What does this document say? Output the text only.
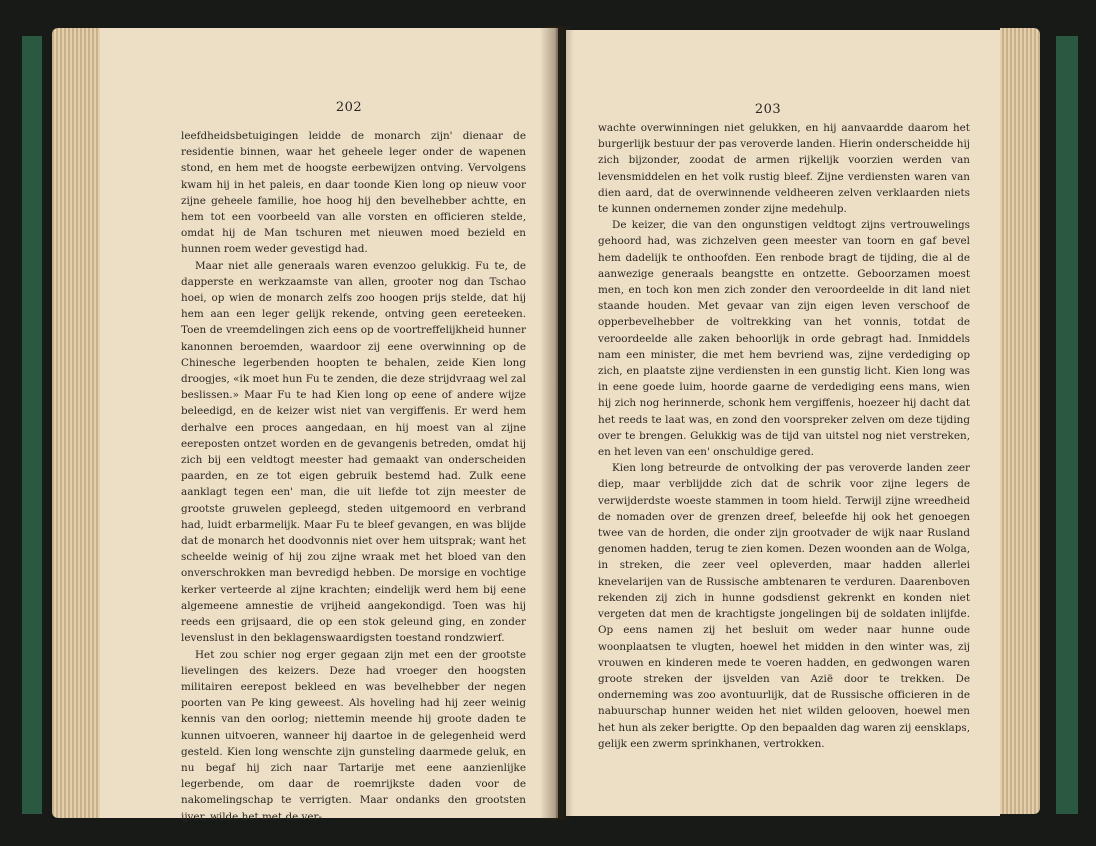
202

leefdheidsbetuigingen leidde de monarch zijn' dienaar de residentie binnen, waar het geheele leger onder de wapenen stond, en hem met de hoogste eerbewijzen ontving. Vervolgens kwam hij in het paleis, en daar toonde Kien long op nieuw voor zijne geheele familie, hoe hoog hij den bevelhebber achtte, en hem tot een voorbeeld van alle vorsten en officieren stelde, omdat hij de Man tschuren met nieuwen moed bezield en hunnen roem weder gevestigd had.

Maar niet alle generaals waren evenzoo gelukkig. Fu te, de dapperste en werkzaamste van allen, grooter nog dan Tschao hoei, op wien de monarch zelfs zoo hoogen prijs stelde, dat hij hem aan een leger gelijk rekende, ontving geen eereteeken. Toen de vreemdelingen zich eens op de voortreffelijkheid hunner kanonnen beroemden, waardoor zij eene overwinning op de Chinesche legerbenden hoopten te behalen, zeide Kien long droogjes, «ik moet hun Fu te zenden, die deze strijdvraag wel zal beslissen.» Maar Fu te had Kien long op eene of andere wijze beleedigd, en de keizer wist niet van vergiffenis. Er werd hem derhalve een proces aangedaan, en hij moest van al zijne eereposten ontzet worden en de gevangenis betreden, omdat hij zich bij een veldtogt meester had gemaakt van onderscheiden paarden, en ze tot eigen gebruik bestemd had. Zulk eene aanklagt tegen een' man, die uit liefde tot zijn meester de grootste gruwelen gepleegd, steden uitgemoord en verbrand had, luidt erbarmelijk. Maar Fu te bleef gevangen, en was blijde dat de monarch het doodvonnis niet over hem uitsprak; want het scheelde weinig of hij zou zijne wraak met het bloed van den onverschrokken man bevredigd hebben. De morsige en vochtige kerker verteerde al zijne krachten; eindelijk werd hem bij eene algemeene amnestie de vrijheid aangekondigd. Toen was hij reeds een grijsaard, die op een stok geleund ging, en zonder levenslust in den beklagenswaardigsten toestand rondzwierf.

Het zou schier nog erger gegaan zijn met een der grootste lievelingen des keizers. Deze had vroeger den hoogsten militairen eerepost bekleed en was bevelhebber der negen poorten van Pe king geweest. Als hoveling had hij zeer weinig kennis van den oorlog; niettemin meende hij groote daden te kunnen uitvoeren, wanneer hij daartoe in de gelegenheid werd gesteld. Kien long wenschte zijn gunsteling daarmede geluk, en nu begaf hij zich naar Tartarije met eene aanzienlijke legerbende, om daar de roemrijkste daden voor de nakomelingschap te verrigten. Maar ondanks den grootsten ijver, wilde het met de ver-

203

wachte overwinningen niet gelukken, en hij aanvaardde daarom het burgerlijk bestuur der pas veroverde landen. Hierin onderscheidde hij zich bijzonder, zoodat de armen rijkelijk voorzien werden van levensmiddelen en het volk rustig bleef. Zijne verdiensten waren van dien aard, dat de overwinnende veldheeren zelven verklaarden niets te kunnen ondernemen zonder zijne medehulp.

De keizer, die van den ongunstigen veldtogt zijns vertrouwelings gehoord had, was zichzelven geen meester van toorn en gaf bevel hem dadelijk te onthoofden. Een renbode bragt de tijding, die al de aanwezige generaals beangstte en ontzette. Geboorzamen moest men, en toch kon men zich zonder den veroordeelde in dit land niet staande houden. Met gevaar van zijn eigen leven verschoof de opperbevelhebber de voltrekking van het vonnis, totdat de veroordeelde alle zaken behoorlijk in orde gebragt had. Inmiddels nam een minister, die met hem bevriend was, zijne verdediging op zich, en plaatste zijne verdiensten in een gunstig licht. Kien long was in eene goede luim, hoorde gaarne de verdediging eens mans, wien hij zich nog herinnerde, schonk hem vergiffenis, hoezeer hij dacht dat het reeds te laat was, en zond den voorspreker zelven om deze tijding over te brengen. Gelukkig was de tijd van uitstel nog niet verstreken, en het leven van een' onschuldige gered.

Kien long betreurde de ontvolking der pas veroverde landen zeer diep, maar verblijdde zich dat de schrik voor zijne legers de verwijderdste woeste stammen in toom hield. Terwijl zijne wreedheid de nomaden over de grenzen dreef, beleefde hij ook het genoegen twee van de horden, die onder zijn grootvader de wijk naar Rusland genomen hadden, terug te zien komen. Dezen woonden aan de Wolga, in streken, die zeer veel opleverden, maar hadden allerlei knevelarijen van de Russische ambtenaren te verduren. Daarenboven rekenden zij zich in hunne godsdienst gekrenkt en konden niet vergeten dat men de krachtigste jongelingen bij de soldaten inlijfde. Op eens namen zij het besluit om weder naar hunne oude woonplaatsen te vlugten, hoewel het midden in den winter was, zij vrouwen en kinderen mede te voeren hadden, en gedwongen waren groote streken der ijsvelden van Azië door te trekken. De onderneming was zoo avontuurlijk, dat de Russische officieren in de nabuurschap hunner weiden het niet wilden gelooven, hoewel men het hun als zeker berigtte. Op den bepaalden dag waren zij eensklaps, gelijk een zwerm sprinkhanen, vertrokken.
